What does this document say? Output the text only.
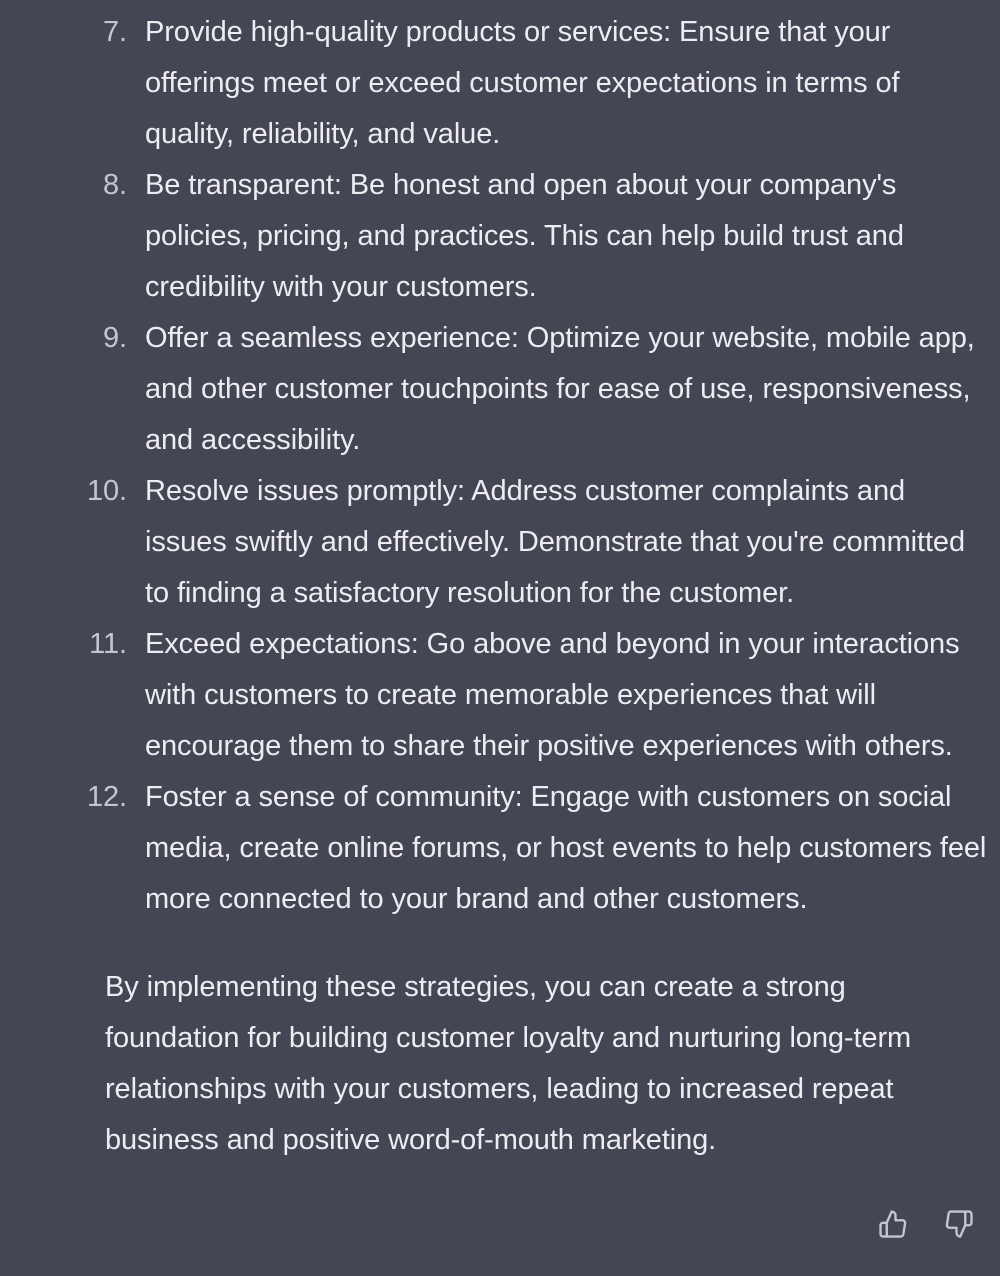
7. Provide high-quality products or services: Ensure that your offerings meet or exceed customer expectations in terms of quality, reliability, and value.
8. Be transparent: Be honest and open about your company's policies, pricing, and practices. This can help build trust and credibility with your customers.
9. Offer a seamless experience: Optimize your website, mobile app, and other customer touchpoints for ease of use, responsiveness, and accessibility.
10. Resolve issues promptly: Address customer complaints and issues swiftly and effectively. Demonstrate that you're committed to finding a satisfactory resolution for the customer.
11. Exceed expectations: Go above and beyond in your interactions with customers to create memorable experiences that will encourage them to share their positive experiences with others.
12. Foster a sense of community: Engage with customers on social media, create online forums, or host events to help customers feel more connected to your brand and other customers.

By implementing these strategies, you can create a strong foundation for building customer loyalty and nurturing long-term relationships with your customers, leading to increased repeat business and positive word-of-mouth marketing.
